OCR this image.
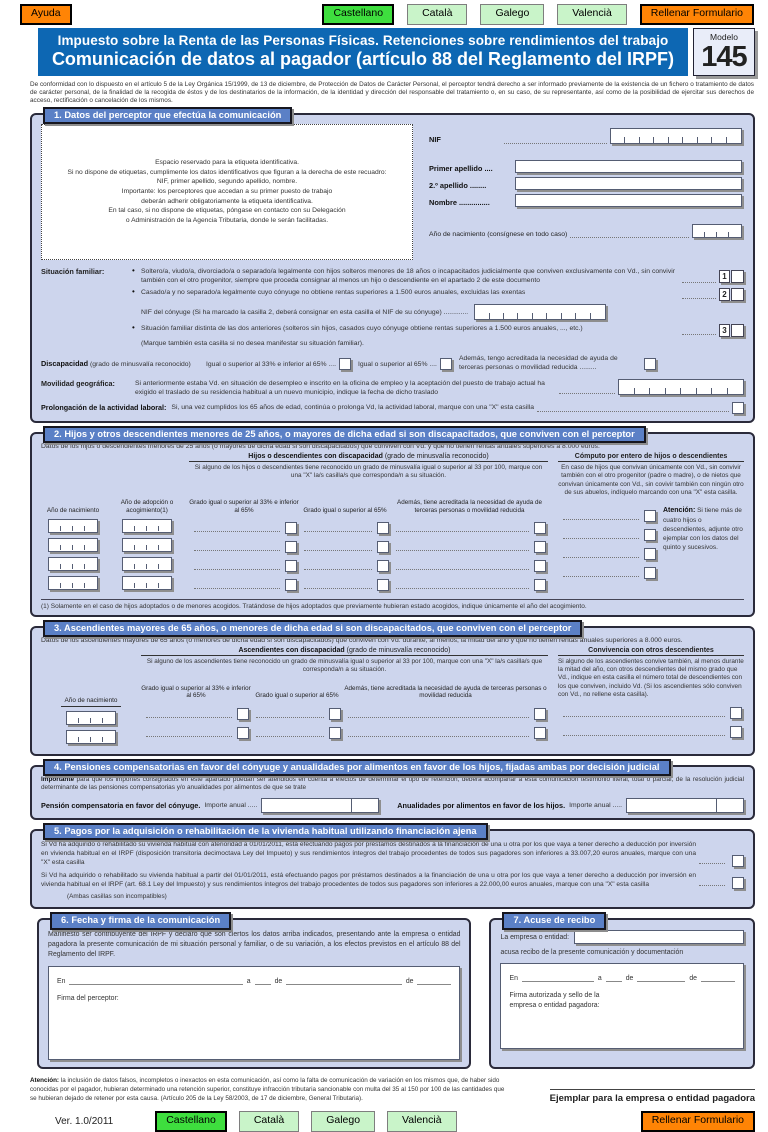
Ayuda	Castellano	Català	Galego	Valencià	Rellenar Formulario
Impuesto sobre la Renta de las Personas Físicas. Retenciones sobre rendimientos del trabajo
Comunicación de datos al pagador (artículo 88 del Reglamento del IRPF)
Modelo
145
De conformidad con lo dispuesto en el artículo 5 de la Ley Orgánica 15/1999, de 13 de diciembre, de Protección de Datos de Carácter Personal, el perceptor tendrá derecho a ser informado previamente de la existencia de un fichero o tratamiento de datos de carácter personal, de la finalidad de la recogida de éstos y de los destinatarios de la información, de la identidad y dirección del responsable del tratamiento o, en su caso, de su representante, así como de la posibilidad de ejercitar sus derechos de acceso, rectificación o cancelación de los mismos.
1. Datos del perceptor que efectúa la comunicación
Espacio reservado para la etiqueta identificativa.
Si no dispone de etiquetas, cumplimente los datos identificativos que figuran a la derecha de este recuadro:
NIF, primer apellido, segundo apellido, nombre.
Importante: los perceptores que accedan a su primer puesto de trabajo
deberán adherir obligatoriamente la etiqueta identificativa.
En tal caso, si no dispone de etiquetas, póngase en contacto con su Delegación
o Administración de la Agencia Tributaria, donde le serán facilitadas.
NIF
Primer apellido ....
2.º apellido ........
Nombre ...............
Año de nacimiento (consígnese en todo caso)
Situación familiar:	• Soltero/a, viudo/a, divorciado/a o separado/a legalmente con hijos solteros menores de 18 años o incapacitados judicialmente que conviven exclusivamente con Vd., sin convivir también con el otro progenitor, siempre que proceda consignar al menos un hijo o descendiente en el apartado 2 de este documento	1
• Casado/a y no separado/a legalmente cuyo cónyuge no obtiene rentas superiores a 1.500 euros anuales, excluidas las exentas	2
NIF del cónyuge (Si ha marcado la casilla 2, deberá consignar en esta casilla el NIF de su cónyuge) .............
• Situación familiar distinta de las dos anteriores (solteros sin hijos, casados cuyo cónyuge obtiene rentas superiores a 1.500 euros anuales, ..., etc.)	3
(Marque también esta casilla si no desea manifestar su situación familiar).
Discapacidad (grado de minusvalía reconocido)	Igual o superior al 33% e inferior al 65% ....	Igual o superior al 65% ....
Además, tengo acreditada la necesidad de ayuda de terceras personas o movilidad reducida .........
Movilidad geográfica:	Si anteriormente estaba Vd. en situación de desempleo e inscrito en la oficina de empleo y la aceptación del puesto de trabajo actual ha exigido el traslado de su residencia habitual a un nuevo municipio, indique la fecha de dicho traslado
Prolongación de la actividad laboral: Si, una vez cumplidos los 65 años de edad, continúa o prolonga Vd, la actividad laboral, marque con una "X" esta casilla
2. Hijos y otros descendientes menores de 25 años, o mayores de dicha edad si son discapacitados, que conviven con el perceptor
Datos de los hijos o descendientes menores de 25 años (o mayores de dicha edad si son discapacitados) que conviven con Vd. y que no tienen rentas anuales superiores a 8.000 euros.
Hijos o descendientes con discapacidad (grado de minusvalía reconocido)
Si alguno de los hijos o descendientes tiene reconocido un grado de minusvalía igual o superior al 33 por 100, marque con una "X" la/s casilla/s que corresponda/n a su situación.
Año de nacimiento
Año de adopción o acogimiento(1)
Grado igual o superior al 33% e inferior al 65%	Grado igual o superior al 65%
Además, tiene acreditada la necesidad de ayuda de terceras personas o movilidad reducida
Cómputo por entero de hijos o descendientes
En caso de hijos que convivan únicamente con Vd., sin convivir también con el otro progenitor (padre o madre), o de nietos que convivan únicamente con Vd., sin covivir también con ningún otro de sus abuelos, indíquelo marcando con una "X" esta casilla.
Atención: Si tiene más de cuatro hijos o descendientes, adjunte otro ejemplar con los datos del quinto y sucesivos.
(1) Solamente en el caso de hijos adoptados o de menores acogidos. Tratándose de hijos adoptados que previamente hubieran estado acogidos, indique únicamente el año del acogimiento.
3. Ascendientes mayores de 65 años, o menores de dicha edad si son discapacitados, que conviven con el perceptor
Datos de los ascendientes mayores de 65 años (o menores de dicha edad si son discapacitados) que conviven con Vd. durante, al menos, la mitad del año y que no tienen rentas anuales superiores a 8.000 euros.
Año de nacimiento
Ascendientes con discapacidad (grado de minusvalía reconocido)
Si alguno de los ascendientes tiene reconocido un grado de minusvalía igual o superior al 33 por 100, marque con una "X" la/s casilla/s que corresponda/n a su situación.
Grado igual o superior al 33% e inferior al 65%	Grado igual o superior al 65%
Además, tiene acreditada la necesidad de ayuda de terceras personas o movilidad reducida
Convivencia con otros descendientes
Si alguno de los ascendientes convive también, al menos durante la mitad del año, con otros descendientes del mismo grado que Vd., indique en esta casilla el número total de descendientes con los que conviven, incluido Vd. (Si los ascendientes sólo conviven con Vd., no rellene esta casilla).
4. Pensiones compensatorias en favor del cónyuge y anualidades por alimentos en favor de los hijos, fijadas ambas por decisión judicial
Importante para que los importes consignados en este apartado puedan ser atendidos en cuenta a efectos de determinar el tipo de retención, deberá acompañar a esta comunicación testimonio literal, total o parcial, de la resolución judicial determinante de las pensiones compensatorias y/o anualidades por alimentos de que se trate
Pensión compensatoria en favor del cónyuge. Importe anual .....	Anualidades por alimentos en favor de los hijos. Importe anual .....
5. Pagos por la adquisición o rehabilitación de la vivienda habitual utilizando financiación ajena
Si Vd ha adquirido o rehabilitado su vivienda habitual con aterioridad a 01/01/2011, está efectuando pagos por préstamos destinados a la financiación de una u otra por los que vaya a tener derecho a deducción por inversión en vivienda habitual en el IRPF (disposición transitoria decimoctava Ley del Impueto) y sus rendimientos íntegros del trabajo procedentes de todos sus pagadores son inferiores a 33.007,20 euros anuales, marque con una "X" esta casilla
Si Vd ha adquirido o rehabilitado su vivienda habitual a partir del 01/01/2011, está efectuando pagos por préstamos destinados a la financiación de una u otra por los que vaya a tener derecho a deducción por inversión en vivienda habitual en el IRPF (art. 68.1 Ley del Impuesto) y sus rendimientos íntegros del trabajo procedentes de todos sus pagadores son inferiores a 22.000,00 euros anuales, marque con una "X" esta casilla
(Ambas casillas son incompatibles)
6. Fecha y firma de la comunicación
Manifiesto ser contribuyente del IRPF y declaro que son ciertos los datos arriba indicados, presentando ante la empresa o entidad pagadora la presente comunicación de mi situación personal y familiar, o de su variación, a los efectos previstos en el artículo 88 del Reglamento del IRPF.
En	a	de	de
Firma del perceptor:
7. Acuse de recibo
La empresa o entidad:
acusa recibo de la presente comunicación y documentación
En	a	de	de
Firma autorizada y sello de la empresa o entidad pagadora:
Atención: la inclusión de datos falsos, incompletos o inexactos en esta comunicación, así como la falta de comunicación de variación en los mismos que, de haber sido conocidas por el pagador, hubieran determinado una retención superior, constituye infracción tributaria sancionable con multa del 35 al 150 por 100 de las cantidades que se hubieran dejado de retener por esta causa. (Artículo 205 de la Ley 58/2003, de 17 de diciembre, General Tributaria).	Ejemplar para la empresa o entidad pagadora
Ver. 1.0/2011	Castellano	Català	Galego	Valencià	Rellenar Formulario
